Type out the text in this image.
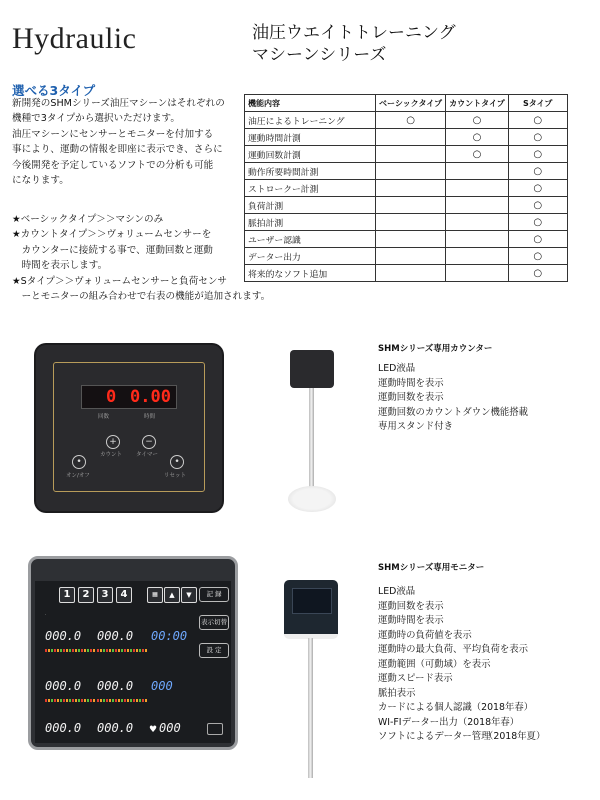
Hydraulic	油圧ウエイトトレーニング
マシーンシリーズ
選べる3タイプ
新開発のSHMシリーズ油圧マシーンはそれぞれの
機種で3タイプから選択いただけます。
油圧マシーンにセンサーとモニターを付加する
事により、運動の情報を即座に表示でき、さらに
今後開発を予定しているソフトでの分析も可能
になります。
★ベーシックタイプ＞＞マシンのみ
★カウントタイプ＞＞ヴォリュームセンサーを
　カウンターに接続する事で、運動回数と運動
　時間を表示します。
★Sタイプ＞＞ヴォリュームセンサーと負荷センサ
　ーとモニターの組み合わせで右表の機能が追加されます。
機能内容	ベーシックタイプ	カウントタイプ	Sタイプ
油圧によるトレーニング	○	○	○
運動時間計測		○	○
運動回数計測		○	○
動作所要時間計測			○
ストロークー計測			○
負荷計測			○
脈拍計測			○
ユーザー認識			○
データー出力			○
将来的なソフト追加			○
0 0.00
回数	時間
+	−
•	•
オン/オフ
カウント	タイマー
リセット
SHMシリーズ専用カウンター
LED液晶
運動時間を表示
運動回数を表示
運動回数のカウントダウン機能搭載
専用スタンド付き
1	2	3	4	▦	▲	▼	記 録
表示切替
設 定
·
000.0 000.0 00:00
000.0 000.0 000
000.0 000.0 000
♥
SHMシリーズ専用モニター
LED液晶
運動回数を表示
運動時間を表示
運動時の負荷値を表示
運動時の最大負荷、平均負荷を表示
運動範囲（可動域）を表示
運動スピード表示
脈拍表示
カードによる個人認識（2018年春）
WI-FIデーター出力（2018年春）
ソフトによるデーター管理
（2018年夏）
